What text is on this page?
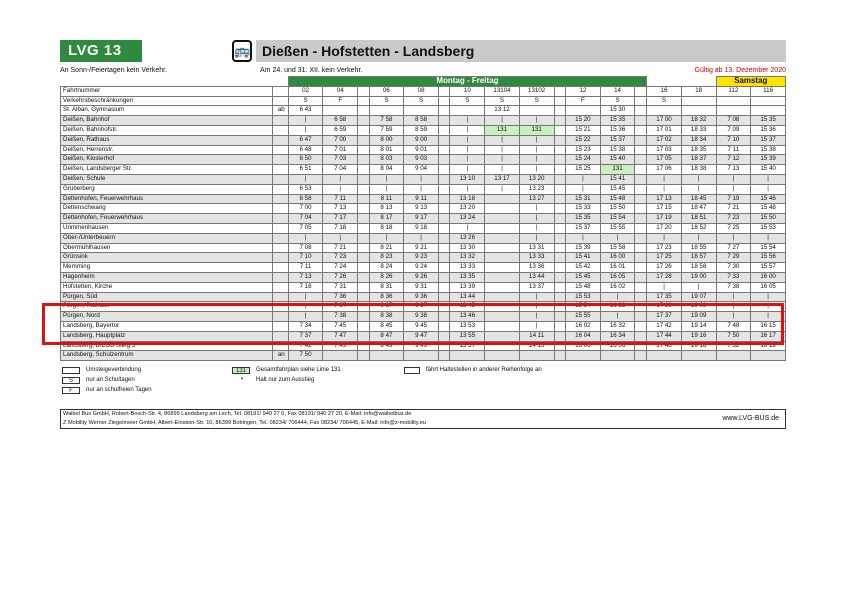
LVG 13	🚌 Dießen - Hofstetten - Landsberg
An Sonn-/Feiertagen kein Verkehr.	Am 24. und 31. XII. kein Verkehr.	Gültig ab 13. Dezember 2020
		Montag - Freitag															Samstag	
Fahrtnummer		02	04		06	08		10	13104	13102		12	14		16	18	112	116
Verkehrsbeschränkungen		S	F		S	S		S	S	S		F	S		S			
St. Alban, Gymnasium	ab	6 43							13 12				15 30					
Deißen, Bahnhof		|	6 58		7 58	8 58		|	|	|		15 20	15 35		17 00	18 32	7 08	15 35
Deißen, Bahnhofstr.		|	6 59		7 59	8 59		|	131	131		15 21	15 36		17 01	18 33	7 09	15 36
Deißen, Rathaus		6 47	7 00		8 00	9 00		|	|	|		15 22	15 37		17 02	18 34	7 10	15 37
Deißen, Herrenstr.		6 48	7 01		8 01	9 01		|	|	|		15 23	15 38		17 03	18 35	7 11	15 38
Deißen, Klosterhof		6 50	7 03		8 03	9 03		|	|	|		15 24	15 40		17 05	18 37	7 12	15 39
Deißen, Landsberger Str.		6 51	7 04		8 04	9 04		|	|	|		15 25	131		17 06	18 38	7 13	15 40
Deißen, Schule		|	|		|	|		13 10	13 17	13 20		|	15 41		|	|	|	|
Gruberberg		6 53	|		|	|		|	|	13 23		|	15 45		|	|	|	|
Dettenhofen, Feuerwehrhaus		6 58	7 11		8 11	9 11		13 18		13 27		15 31	15 48		17 13	18 45	7 19	15 46
Dettenschwang		7 00	7 13		8 13	9 13		13 20		|		15 33	15 50		17 15	18 47	7 21	15 48
Dettenhofen, Feuerwehrhaus		7 04	7 17		8 17	9 17		13 24		|		15 35	15 54		17 19	18 51	7 23	15 50
Unmmenhausen		7 05	7 18		8 18	9 18		|		|		15 37	15 55		17 20	18 52	7 25	15 53
Ober-/Unterbeuern		|	|		|	|		13 26		|		|	|		|	|	|	|
Obermühlhausen		7 08	7 21		8 21	9 21		13 30		13 31		15 39	15 58		17 23	18 55	7 27	15 54
Grünsink		7 10	7 23		8 23	9 23		13 32		13 33		15 41	16 00		17 25	18 57	7 29	15 56
Memming		7 11	7 24		8 24	9 24		13 33		13 36		15 42	16 01		17 26	18 58	7 30	15 57
Hagenheim		7 13	7 26		8 26	9 26		13 35		13 44		15 45	16 05		17 28	19 00	7 33	16 00
Hofstetten, Kirche		7 18	7 31		8 31	9 31		13 39		13 37		15 48	16 02		|	|	7 38	16 05
Pürgen, Süd		|	7 36		8 36	9 36		13 44		|		15 53	|		17 35	19 07	|	|
Pürgen, Rathaus		|	7 37		8 37	9 37		13 45		|		15 54	16 22		17 36	19 08	|	|
Pürgen, Nord		|	7 38		8 38	9 38		13 46		|		15 55	|		17 37	19 09	|	|
Landsberg, Bayertor		7 34	7 45		8 45	9 45		13 53		|		16 02	16 32		17 42	19 14	7 48	16 15
Landsberg, Hauptplatz		7 37	7 47		8 47	9 47		13 55		14 11		16 04	16 34		17 44	19 16	7 50	16 17
Landsberg, B/ZOB Steig 3		7 42	7 49		8 49	9 49		13 57		14 13		16 06	16 36		17 46	19 18	7 52	16 19
Landsberg, Schulzentrum	an	7 50																
Umsteigeverbindung
S	nur an Schultagen
F	nur an schulfreien Tagen
131	Gesamtfahrplan siehe Linie 131
◖ Halt nur zum Ausstieg
fährt Haltestellen in anderer Reihenfolge an
Waibel Bus GmbH, Robert-Bosch-Str. 4, 86899 Landsberg am Lech, Tel. 08191/ 940 27 0, Fax 08191/ 940 27 20, E-Mail: info@waibelbus.de
Z Mobility Werner Ziegelmeier GmbH, Albert-Einstein-Str. 10, 86399 Bobingen, Tel. 08234/ 706444, Fax 08234/ 706445, E-Mail: info@z-mobility.eu
www.LVG-BUS.de
